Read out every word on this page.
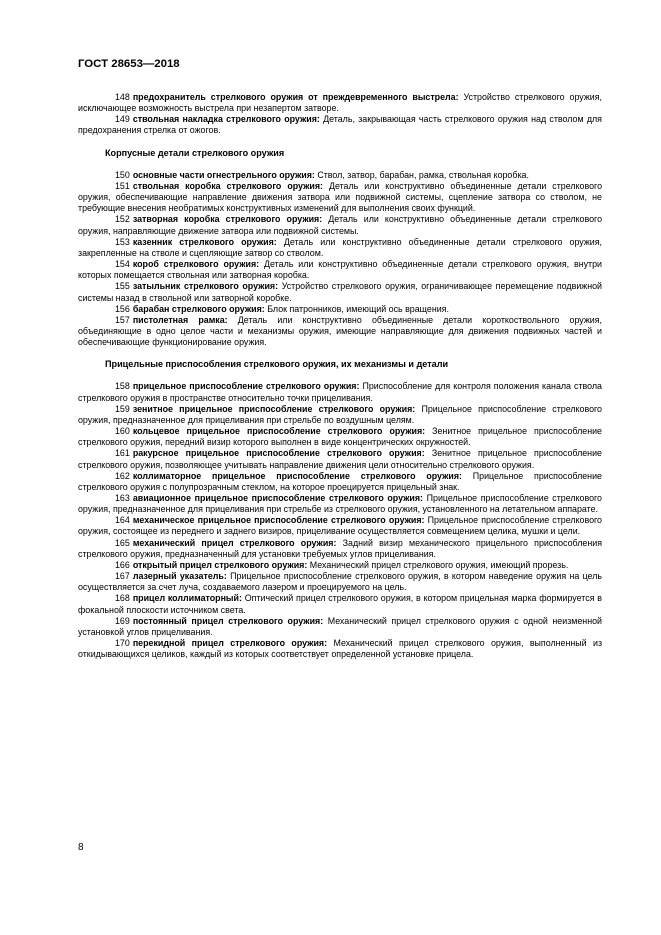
ГОСТ 28653—2018

148 предохранитель стрелкового оружия от преждевременного выстрела: Устройство стрелкового оружия, исключающее возможность выстрела при незапертом затворе.

149 ствольная накладка стрелкового оружия: Деталь, закрывающая часть стрелкового оружия над стволом для предохранения стрелка от ожогов.

Корпусные детали стрелкового оружия

150 основные части огнестрельного оружия: Ствол, затвор, барабан, рамка, ствольная коробка.

151 ствольная коробка стрелкового оружия: Деталь или конструктивно объединенные детали стрелкового оружия, обеспечивающие направление движения затвора или подвижной системы, сцепление затвора со стволом, не требующие внесения необратимых конструктивных изменений для выполнения своих функций.

152 затворная коробка стрелкового оружия: Деталь или конструктивно объединенные детали стрелкового оружия, направляющие движение затвора или подвижной системы.

153 казенник стрелкового оружия: Деталь или конструктивно объединенные детали стрелкового оружия, закрепленные на стволе и сцепляющие затвор со стволом.

154 короб стрелкового оружия: Деталь или конструктивно объединенные детали стрелкового оружия, внутри которых помещается ствольная или затворная коробка.

155 затыльник стрелкового оружия: Устройство стрелкового оружия, ограничивающее перемещение подвижной системы назад в ствольной или затворной коробке.

156 барабан стрелкового оружия: Блок патронников, имеющий ось вращения.

157 пистолетная рамка: Деталь или конструктивно объединенные детали короткоствольного оружия, объединяющие в одно целое части и механизмы оружия, имеющие направляющие для движения подвижных частей и обеспечивающие функционирование оружия.

Прицельные приспособления стрелкового оружия, их механизмы и детали

158 прицельное приспособление стрелкового оружия: Приспособление для контроля положения канала ствола стрелкового оружия в пространстве относительно точки прицеливания.

159 зенитное прицельное приспособление стрелкового оружия: Прицельное приспособление стрелкового оружия, предназначенное для прицеливания при стрельбе по воздушным целям.

160 кольцевое прицельное приспособление стрелкового оружия: Зенитное прицельное приспособление стрелкового оружия, передний визир которого выполнен в виде концентрических окружностей.

161 ракурсное прицельное приспособление стрелкового оружия: Зенитное прицельное приспособление стрелкового оружия, позволяющее учитывать направление движения цели относительно стрелкового оружия.

162 коллиматорное прицельное приспособление стрелкового оружия: Прицельное приспособление стрелкового оружия с полупрозрачным стеклом, на которое проецируется прицельный знак.

163 авиационное прицельное приспособление стрелкового оружия: Прицельное приспособление стрелкового оружия, предназначенное для прицеливания при стрельбе из стрелкового оружия, установленного на летательном аппарате.

164 механическое прицельное приспособление стрелкового оружия: Прицельное приспособление стрелкового оружия, состоящее из переднего и заднего визиров, прицеливание осуществляется совмещением целика, мушки и цели.

165 механический прицел стрелкового оружия: Задний визир механического прицельного приспособления стрелкового оружия, предназначенный для установки требуемых углов прицеливания.

166 открытый прицел стрелкового оружия: Механический прицел стрелкового оружия, имеющий прорезь.

167 лазерный указатель: Прицельное приспособление стрелкового оружия, в котором наведение оружия на цель осуществляется за счет луча, создаваемого лазером и проецируемого на цель.

168 прицел коллиматорный: Оптический прицел стрелкового оружия, в котором прицельная марка формируется в фокальной плоскости источником света.

169 постоянный прицел стрелкового оружия: Механический прицел стрелкового оружия с одной неизменной установкой углов прицеливания.

170 перекидной прицел стрелкового оружия: Механический прицел стрелкового оружия, выполненный из откидывающихся целиков, каждый из которых соответствует определенной установке прицела.

8
